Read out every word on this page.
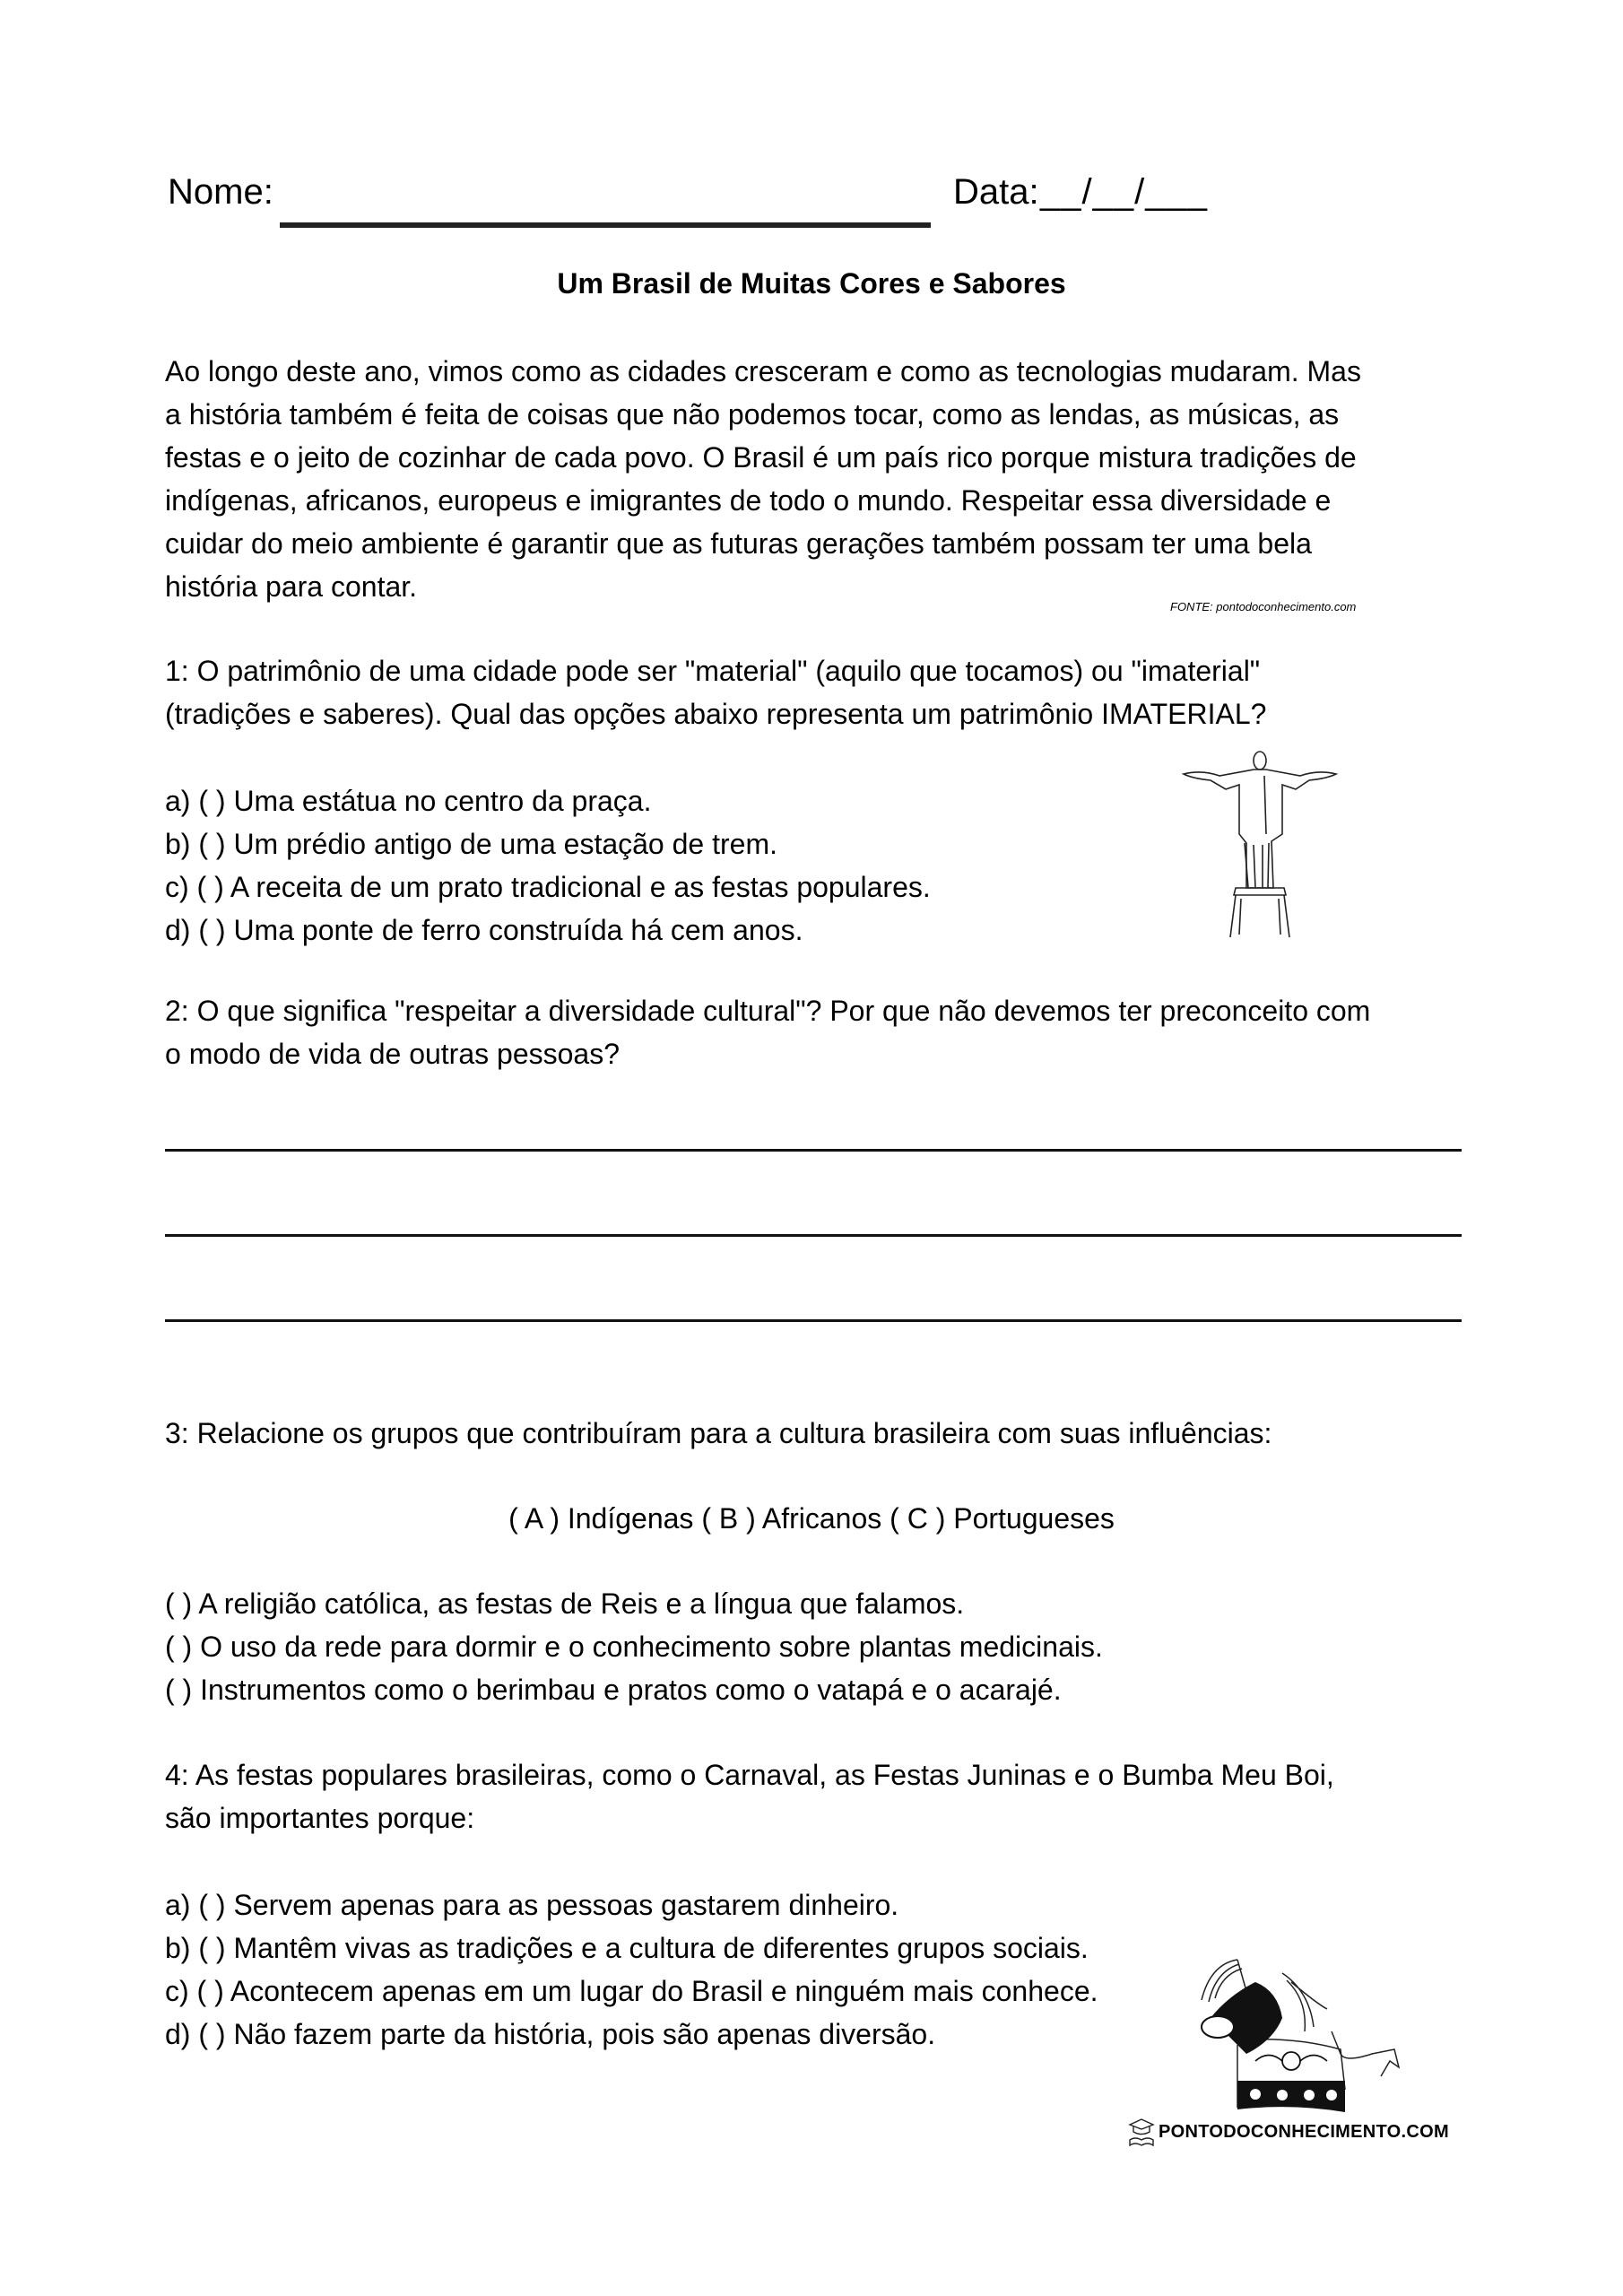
Nome:	Data: __/__/___
Um Brasil de Muitas Cores e Sabores
Ao longo deste ano, vimos como as cidades cresceram e como as tecnologias mudaram. Mas
a história também é feita de coisas que não podemos tocar, como as lendas, as músicas, as
festas e o jeito de cozinhar de cada povo. O Brasil é um país rico porque mistura tradições de
indígenas, africanos, europeus e imigrantes de todo o mundo. Respeitar essa diversidade e
cuidar do meio ambiente é garantir que as futuras gerações também possam ter uma bela
história para contar.
FONTE: pontodoconhecimento.com
1: O patrimônio de uma cidade pode ser "material" (aquilo que tocamos) ou "imaterial"
(tradições e saberes). Qual das opções abaixo representa um patrimônio IMATERIAL?
a) ( ) Uma estátua no centro da praça.
b) ( ) Um prédio antigo de uma estação de trem.
c) ( ) A receita de um prato tradicional e as festas populares.
d) ( ) Uma ponte de ferro construída há cem anos.
2: O que significa "respeitar a diversidade cultural"? Por que não devemos ter preconceito com
o modo de vida de outras pessoas?
3: Relacione os grupos que contribuíram para a cultura brasileira com suas influências:
( A ) Indígenas ( B ) Africanos ( C ) Portugueses
( ) A religião católica, as festas de Reis e a língua que falamos.
( ) O uso da rede para dormir e o conhecimento sobre plantas medicinais.
( ) Instrumentos como o berimbau e pratos como o vatapá e o acarajé.
4: As festas populares brasileiras, como o Carnaval, as Festas Juninas e o Bumba Meu Boi,
são importantes porque:
a) ( ) Servem apenas para as pessoas gastarem dinheiro.
b) ( ) Mantêm vivas as tradições e a cultura de diferentes grupos sociais.
c) ( ) Acontecem apenas em um lugar do Brasil e ninguém mais conhece.
d) ( ) Não fazem parte da história, pois são apenas diversão.
PONTODOCONHECIMENTO.COM
